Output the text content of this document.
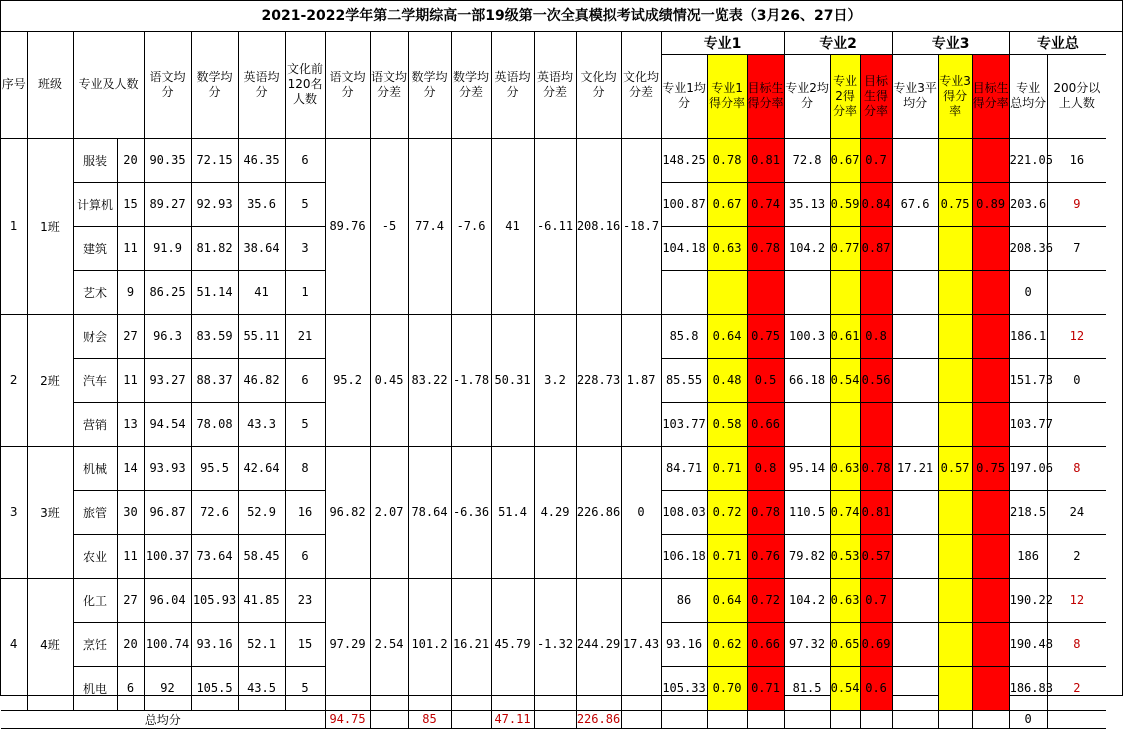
2021-2022学年第二学期综高一部19级第一次全真模拟考试成绩情况一览表（3月26、27日）
序号	班级	专业及人数		语文均分	数学均分	英语均分	文化前120名人数	语文均分	语文均分差	数学均分	数学均分差	英语均分	英语均分差	文化均分	文化均分差	专业1			专业2			专业3			专业总	
																专业1均分	专业1得分率	目标生得分率	专业2均分	专业2得分率	目标生得分率	专业3平均分	专业3得分率	目标生得分率	专业 总均分	200分以上人数
1	1班	服装	20	90.35	72.15	46.35	6	89.76	-5	77.4	-7.6	41	-6.11	208.16	-18.7	148.25	0.78	0.81	72.8	0.67	0.7				221.05	16
		计算机	15	89.27	92.93	35.6	5									100.87	0.67	0.74	35.13	0.59	0.84	67.6	0.75	0.89	203.6	9
		建筑	11	91.9	81.82	38.64	3									104.18	0.63	0.78	104.2	0.77	0.87				208.36	7
		艺术	9	86.25	51.14	41	1																		0	
2	2班	财会	27	96.3	83.59	55.11	21	95.2	0.45	83.22	-1.78	50.31	3.2	228.73	1.87	85.8	0.64	0.75	100.3	0.61	0.8				186.1	12
		汽车	11	93.27	88.37	46.82	6									85.55	0.48	0.5	66.18	0.54	0.56				151.73	0
		营销	13	94.54	78.08	43.3	5									103.77	0.58	0.66							103.77	
3	3班	机械	14	93.93	95.5	42.64	8	96.82	2.07	78.64	-6.36	51.4	4.29	226.86	0	84.71	0.71	0.8	95.14	0.63	0.78	17.21	0.57	0.75	197.06	8
		旅管	30	96.87	72.6	52.9	16									108.03	0.72	0.78	110.5	0.74	0.81				218.5	24
		农业	11	100.37	73.64	58.45	6									106.18	0.71	0.76	79.82	0.53	0.57				186	2
4	4班	化工	27	96.04	105.93	41.85	23	97.29	2.54	101.2	16.21	45.79	-1.32	244.29	17.43	86	0.64	0.72	104.2	0.63	0.7				190.22	12
		烹饪	20	100.74	93.16	52.1	15									93.16	0.62	0.66	97.32	0.65	0.69				190.48	8
		机电	6	92	105.5	43.5	5									105.33	0.70	0.71	81.5	0.54	0.6				186.83	2
总均分								94.75		85		47.11		226.86											0	
